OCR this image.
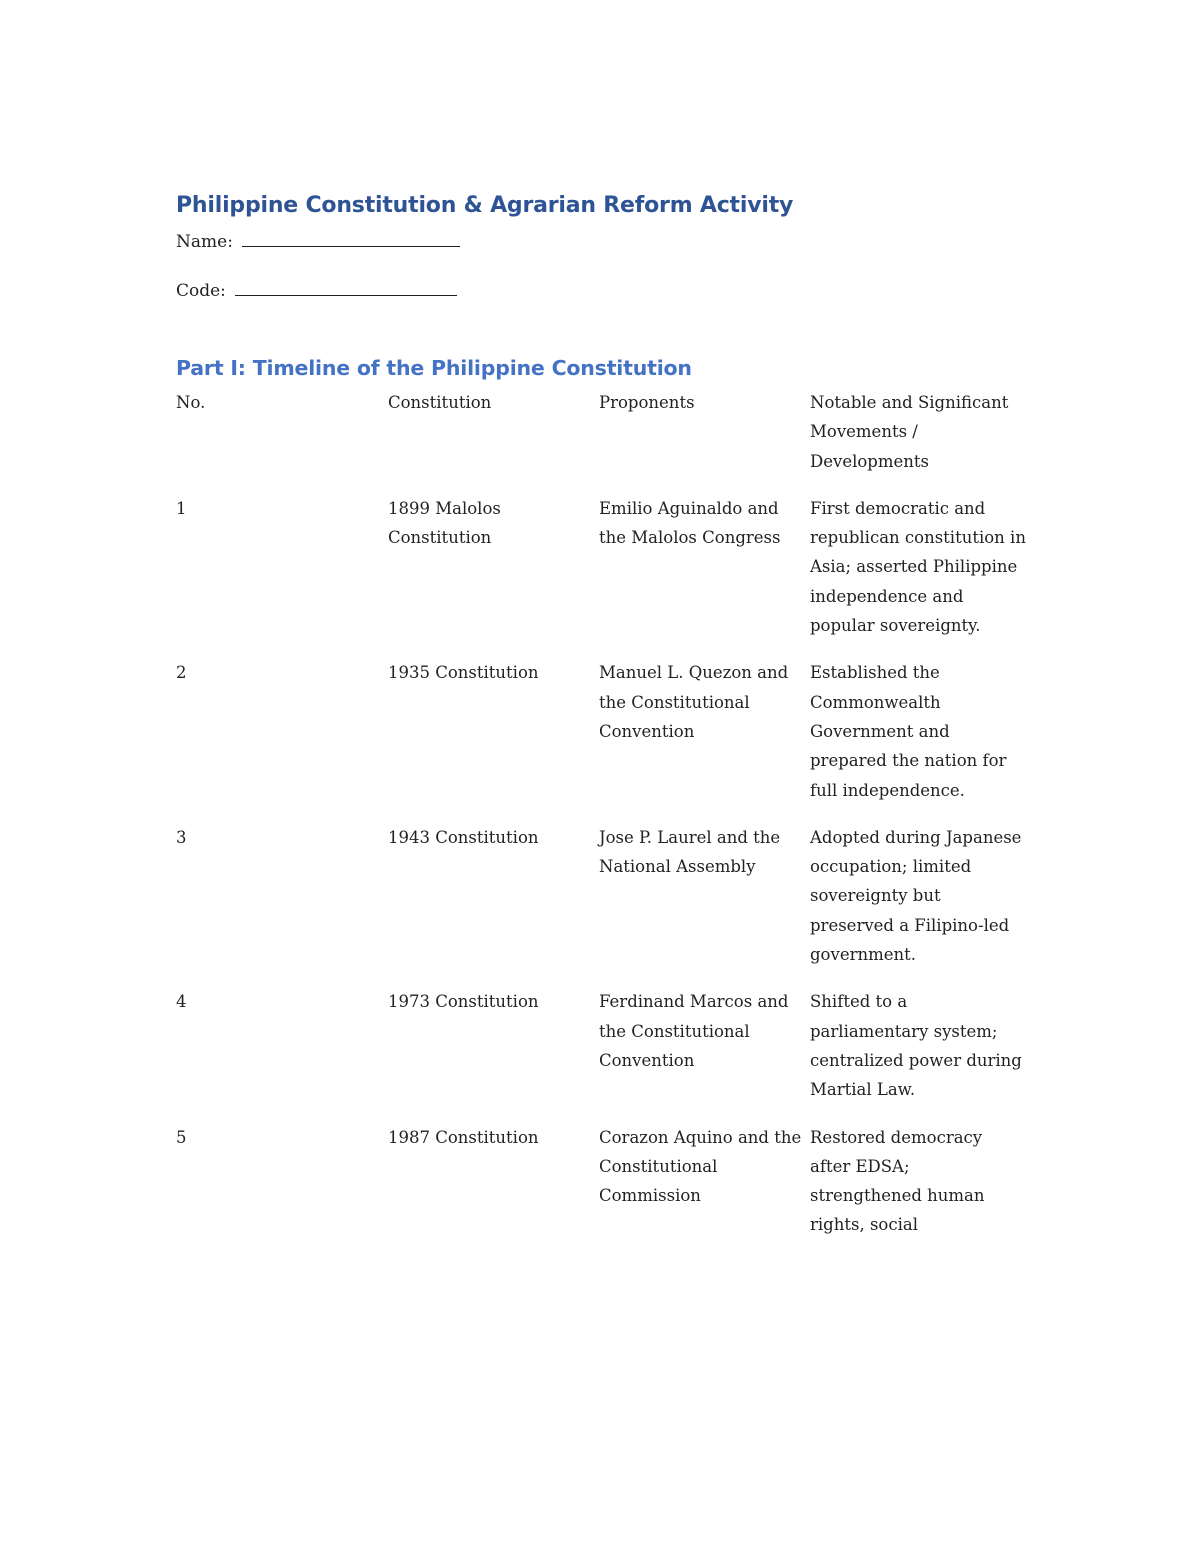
Philippine Constitution & Agrarian Reform Activity

Name:

Code:

Part I: Timeline of the Philippine Constitution
No.	Constitution	Proponents	Notable and Significant Movements / Developments
1	1899 Malolos Constitution	Emilio Aguinaldo and the Malolos Congress	First democratic and republican constitution in Asia; asserted Philippine independence and popular sovereignty.
2	1935 Constitution	Manuel L. Quezon and the Constitutional Convention	Established the Commonwealth Government and prepared the nation for full independence.
3	1943 Constitution	Jose P. Laurel and the National Assembly	Adopted during Japanese occupation; limited sovereignty but preserved a Filipino-led government.
4	1973 Constitution	Ferdinand Marcos and the Constitutional Convention	Shifted to a parliamentary system; centralized power during Martial Law.
5	1987 Constitution	Corazon Aquino and the Constitutional Commission	Restored democracy after EDSA; strengthened human rights, social
